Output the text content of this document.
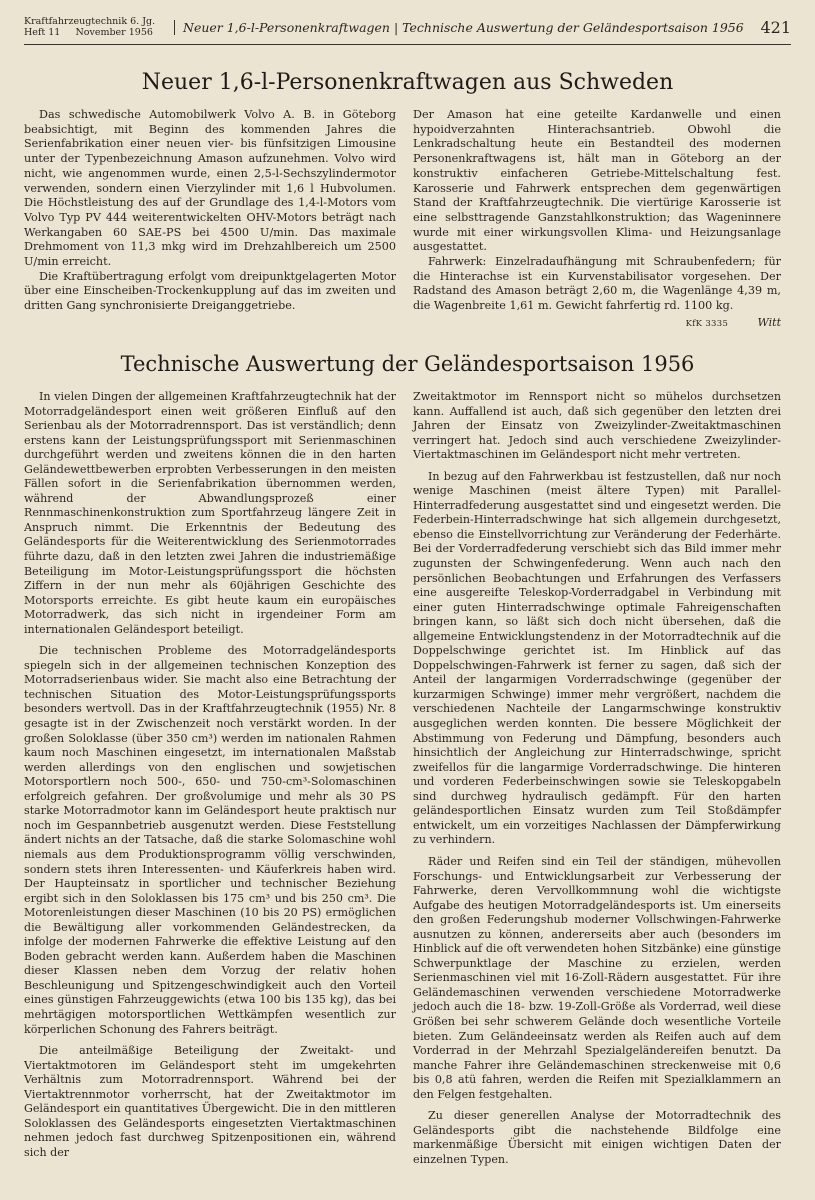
Kraftfahrzeugtechnik 6. Jg.
Heft 11     November 1956	Neuer 1,6-l-Personenkraftwagen | Technische Auswertung der Geländesportsaison 1956 421
Neuer 1,6-l-Personenkraftwagen aus Schweden

Das schwedische Automobilwerk Volvo A. B. in Göteborg beabsichtigt, mit Beginn des kommenden Jahres die Serienfabrikation einer neuen vier- bis fünfsitzigen Limousine unter der Typenbezeichnung Amason aufzunehmen. Volvo wird nicht, wie angenommen wurde, einen 2,5-l-Sechszylindermotor verwenden, sondern einen Vierzylinder mit 1,6 l Hubvolumen. Die Höchstleistung des auf der Grundlage des 1,4-l-Motors vom Volvo Typ PV 444 weiterentwickelten OHV-Motors beträgt nach Werkangaben 60 SAE-PS bei 4500 U/min. Das maximale Drehmoment von 11,3 mkg wird im Drehzahlbereich um 2500 U/min erreicht.

Die Kraftübertragung erfolgt vom dreipunktgelagerten Motor über eine Einscheiben-Trockenkupplung auf das im zweiten und dritten Gang synchronisierte Dreiganggetriebe.

Der Amason hat eine geteilte Kardanwelle und einen hypoidverzahnten Hinterachsantrieb. Obwohl die Lenkradschaltung heute ein Bestandteil des modernen Personenkraftwagens ist, hält man in Göteborg an der konstruktiv einfacheren Getriebe-Mittelschaltung fest. Karosserie und Fahrwerk entsprechen dem gegenwärtigen Stand der Kraftfahrzeugtechnik. Die viertürige Karosserie ist eine selbsttragende Ganzstahlkonstruktion; das Wageninnere wurde mit einer wirkungsvollen Klima- und Heizungsanlage ausgestattet.

Fahrwerk: Einzelradaufhängung mit Schraubenfedern; für die Hinterachse ist ein Kurvenstabilisator vorgesehen. Der Radstand des Amason beträgt 2,60 m, die Wagenlänge 4,39 m, die Wagenbreite 1,61 m. Gewicht fahrfertig rd. 1100 kg.

KfK 3335	Witt
Technische Auswertung der Geländesportsaison 1956

In vielen Dingen der allgemeinen Kraftfahrzeugtechnik hat der Motorradgeländesport einen weit größeren Einfluß auf den Serienbau als der Motorradrennsport. Das ist verständlich; denn erstens kann der Leistungsprüfungssport mit Serienmaschinen durchgeführt werden und zweitens können die in den harten Geländewettbewerben erprobten Verbesserungen in den meisten Fällen sofort in die Serienfabrikation übernommen werden, während der Abwandlungsprozeß einer Rennmaschinenkonstruktion zum Sportfahrzeug längere Zeit in Anspruch nimmt. Die Erkenntnis der Bedeutung des Geländesports für die Weiterentwicklung des Serienmotorrades führte dazu, daß in den letzten zwei Jahren die industriemäßige Beteiligung im Motor-Leistungsprüfungssport die höchsten Ziffern in der nun mehr als 60jährigen Geschichte des Motorsports erreichte. Es gibt heute kaum ein europäisches Motorradwerk, das sich nicht in irgendeiner Form am internationalen Geländesport beteiligt.

Die technischen Probleme des Motorradgeländesports spiegeln sich in der allgemeinen technischen Konzeption des Motorradserienbaus wider. Sie macht also eine Betrachtung der technischen Situation des Motor-Leistungsprüfungssports besonders wertvoll. Das in der Kraftfahrzeugtechnik (1955) Nr. 8 gesagte ist in der Zwischenzeit noch verstärkt worden. In der großen Soloklasse (über 350 cm³) werden im nationalen Rahmen kaum noch Maschinen eingesetzt, im internationalen Maßstab werden allerdings von den englischen und sowjetischen Motorsportlern noch 500-, 650- und 750-cm³-Solomaschinen erfolgreich gefahren. Der großvolumige und mehr als 30 PS starke Motorradmotor kann im Geländesport heute praktisch nur noch im Gespannbetrieb ausgenutzt werden. Diese Feststellung ändert nichts an der Tatsache, daß die starke Solomaschine wohl niemals aus dem Produktionsprogramm völlig verschwinden, sondern stets ihren Interessenten- und Käuferkreis haben wird. Der Haupteinsatz in sportlicher und technischer Beziehung ergibt sich in den Soloklassen bis 175 cm³ und bis 250 cm³. Die Motorenleistungen dieser Maschinen (10 bis 20 PS) ermöglichen die Bewältigung aller vorkommenden Geländestrecken, da infolge der modernen Fahrwerke die effektive Leistung auf den Boden gebracht werden kann. Außerdem haben die Maschinen dieser Klassen neben dem Vorzug der relativ hohen Beschleunigung und Spitzengeschwindigkeit auch den Vorteil eines günstigen Fahrzeuggewichts (etwa 100 bis 135 kg), das bei mehrtägigen motorsportlichen Wettkämpfen wesentlich zur körperlichen Schonung des Fahrers beiträgt.

Die anteilmäßige Beteiligung der Zweitakt- und Viertaktmotoren im Geländesport steht im umgekehrten Verhältnis zum Motorradrennsport. Während bei der Viertaktrennmotor vorherrscht, hat der Zweitaktmotor im Geländesport ein quantitatives Übergewicht. Die in den mittleren Soloklassen des Geländesports eingesetzten Viertaktmaschinen nehmen jedoch fast durchweg Spitzenpositionen ein, während sich der

Zweitaktmotor im Rennsport nicht so mühelos durchsetzen kann. Auffallend ist auch, daß sich gegenüber den letzten drei Jahren der Einsatz von Zweizylinder-Zweitaktmaschinen verringert hat. Jedoch sind auch verschiedene Zweizylinder-Viertaktmaschinen im Geländesport nicht mehr vertreten.

In bezug auf den Fahrwerkbau ist festzustellen, daß nur noch wenige Maschinen (meist ältere Typen) mit Parallel-Hinterradfederung ausgestattet sind und eingesetzt werden. Die Federbein-Hinterradschwinge hat sich allgemein durchgesetzt, ebenso die Einstellvorrichtung zur Veränderung der Federhärte. Bei der Vorderradfederung verschiebt sich das Bild immer mehr zugunsten der Schwingenfederung. Wenn auch nach den persönlichen Beobachtungen und Erfahrungen des Verfassers eine ausgereifte Teleskop-Vorderradgabel in Verbindung mit einer guten Hinterradschwinge optimale Fahreigenschaften bringen kann, so läßt sich doch nicht übersehen, daß die allgemeine Entwicklungstendenz in der Motorradtechnik auf die Doppelschwinge gerichtet ist. Im Hinblick auf das Doppelschwingen-Fahrwerk ist ferner zu sagen, daß sich der Anteil der langarmigen Vorderradschwinge (gegenüber der kurzarmigen Schwinge) immer mehr vergrößert, nachdem die verschiedenen Nachteile der Langarmschwinge konstruktiv ausgeglichen werden konnten. Die bessere Möglichkeit der Abstimmung von Federung und Dämpfung, besonders auch hinsichtlich der Angleichung zur Hinterradschwinge, spricht zweifellos für die langarmige Vorderradschwinge. Die hinteren und vorderen Federbeinschwingen sowie sie Teleskopgabeln sind durchweg hydraulisch gedämpft. Für den harten geländesportlichen Einsatz wurden zum Teil Stoßdämpfer entwickelt, um ein vorzeitiges Nachlassen der Dämpferwirkung zu verhindern.

Räder und Reifen sind ein Teil der ständigen, mühevollen Forschungs- und Entwicklungsarbeit zur Verbesserung der Fahrwerke, deren Vervollkommnung wohl die wichtigste Aufgabe des heutigen Motorradgeländesports ist. Um einerseits den großen Federungshub moderner Vollschwingen-Fahrwerke ausnutzen zu können, andererseits aber auch (besonders im Hinblick auf die oft verwendeten hohen Sitzbänke) eine günstige Schwerpunktlage der Maschine zu erzielen, werden Serienmaschinen viel mit 16-Zoll-Rädern ausgestattet. Für ihre Geländemaschinen verwenden verschiedene Motorradwerke jedoch auch die 18- bzw. 19-Zoll-Größe als Vorderrad, weil diese Größen bei sehr schwerem Gelände doch wesentliche Vorteile bieten. Zum Geländeeinsatz werden als Reifen auch auf dem Vorderrad in der Mehrzahl Spezialgeländereifen benutzt. Da manche Fahrer ihre Geländemaschinen streckenweise mit 0,6 bis 0,8 atü fahren, werden die Reifen mit Spezialklammern an den Felgen festgehalten.

Zu dieser generellen Analyse der Motorradtechnik des Geländesports gibt die nachstehende Bildfolge eine markenmäßige Übersicht mit einigen wichtigen Daten der einzelnen Typen.
